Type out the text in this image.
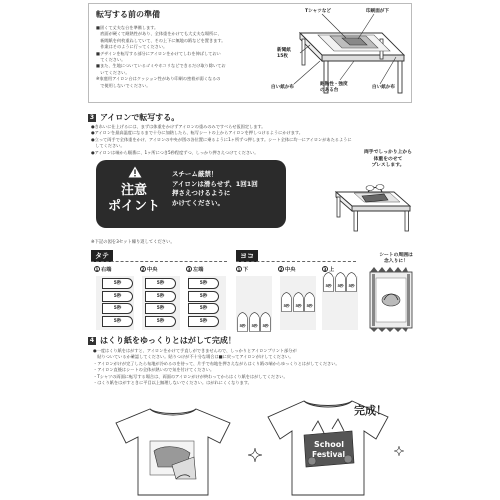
転写する前の準備
■固くて丈夫な台を準備します。
　底面が硬くて耐熱性があり、全体重をかけても大丈夫な場所に、
　新聞紙を何枚重ねしていて、その上下に無地の紙などを置きます。
　作業はそのように行ってください。
■デザインを転写する部分にアイロンをかけてしわを伸ばしておい
　てください。
■また、生地についているゴミやホコリなどできるだけ取り除いてお
　いてください。
※家庭用アイロン台はクッション性があり印刷の密着が弱くなるの
　で使用しないでください。
Tシャツなど	印刷面が下
新聞紙
15枚
白い紙か布
耐熱性・強度
のある台
白い紙か布
3 アイロンで転写する。
●きれいに仕上げるには、まずは体重をかけずアイロンの重みのみですべらせ仮固定します。
●アイロンを最高温度になるまで十分に加熱したら、転写シートの上からアイロンを押しつけるようにかけます。
●立って両手で全体重をかけ、アイロンの中央が図の各位置に乗るように1ヶ所ずつ押します。シート全体に均一にアイロンがあたるように
　してください。
●アイロンは端から順番に、1ヶ所につき5秒程度ずつ、しっかり押さえつけてください。
注意
ポイント
スチーム厳禁！
アイロンは滑らせず、1回1回
押さえつけるように
かけてください。
両手でしっかり上から
体重をのせて
プレスします。
※下記の図を3セット繰り返してください。
タテ	ヨコ
1 右端	2 中央	3 左端	1 下	2 中央	3 上
5秒
5秒
5秒
5秒
5秒
5秒
5秒
5秒
5秒
5秒
5秒
5秒
5秒 5秒 5秒
5秒 5秒 5秒
5秒 5秒 5秒
シートの周囲は
念入りに！
4 はくり紙をゆっくりとはがして完成！
●一度はくり紙をはがすと、アイロンをかけて手直しができませんので、しっかりとアイロンプリント部分が
　貼りついているか確認してください。貼りつけが不十分な場合は■に戻ってアイロンがけしてください。
・アイロンがけが完了したら布地が冷めるのを待って、片手で布地を押さえながらはくり紙の端からゆっくりとはがしてください。
・アイロン直後はシートの全体が熱いので気を付けてください。
・Tシャツの両面に転写する場合は、両面のアイロンがけが終わってからはくり紙をはがしてください。
・はくり紙をはがすときに平目以上無理しないでください。はがれにくくなります。
School
Festival
完成！
